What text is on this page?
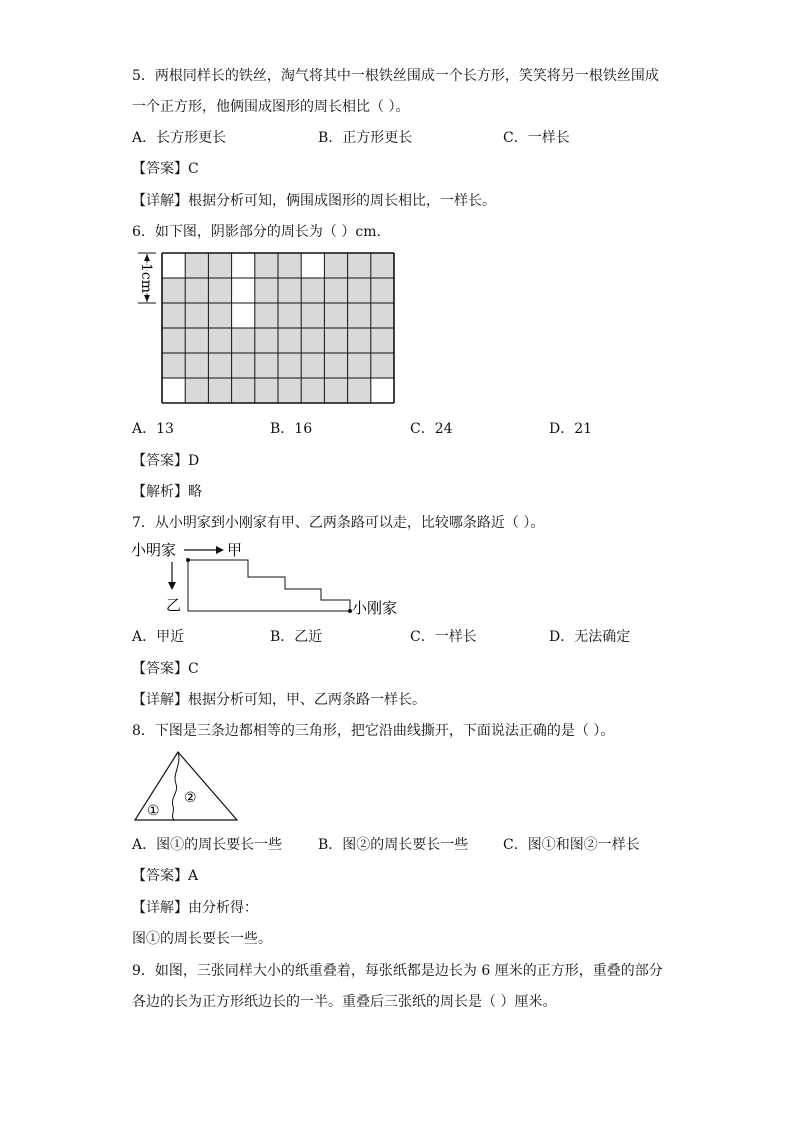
5．两根同样长的铁丝，淘气将其中一根铁丝围成一个长方形，笑笑将另一根铁丝围成
一个正方形，他俩围成图形的周长相比（ ）。
A．长方形更长	B．正方形更长	C．一样长
【答案】C
【详解】根据分析可知，俩围成图形的周长相比，一样长。
6．如下图，阴影部分的周长为（ ）cm.
1cm
A．13	B．16	C．24	D．21
【答案】D
【解析】略
7．从小明家到小刚家有甲、乙两条路可以走，比较哪条路近（ ）。
小明家	甲
乙	小刚家
A．甲近	B．乙近	C．一样长	D．无法确定
【答案】C
【详解】根据分析可知，甲、乙两条路一样长。
8．下图是三条边都相等的三角形，把它沿曲线撕开，下面说法正确的是（ ）。
①
②
A．图①的周长要长一些	B．图②的周长要长一些 C．图①和图②一样长
【答案】A
【详解】由分析得：
图①的周长要长一些。
9．如图，三张同样大小的纸重叠着，每张纸都是边长为 6 厘米的正方形，重叠的部分
各边的长为正方形纸边长的一半。重叠后三张纸的周长是（ ）厘米。
